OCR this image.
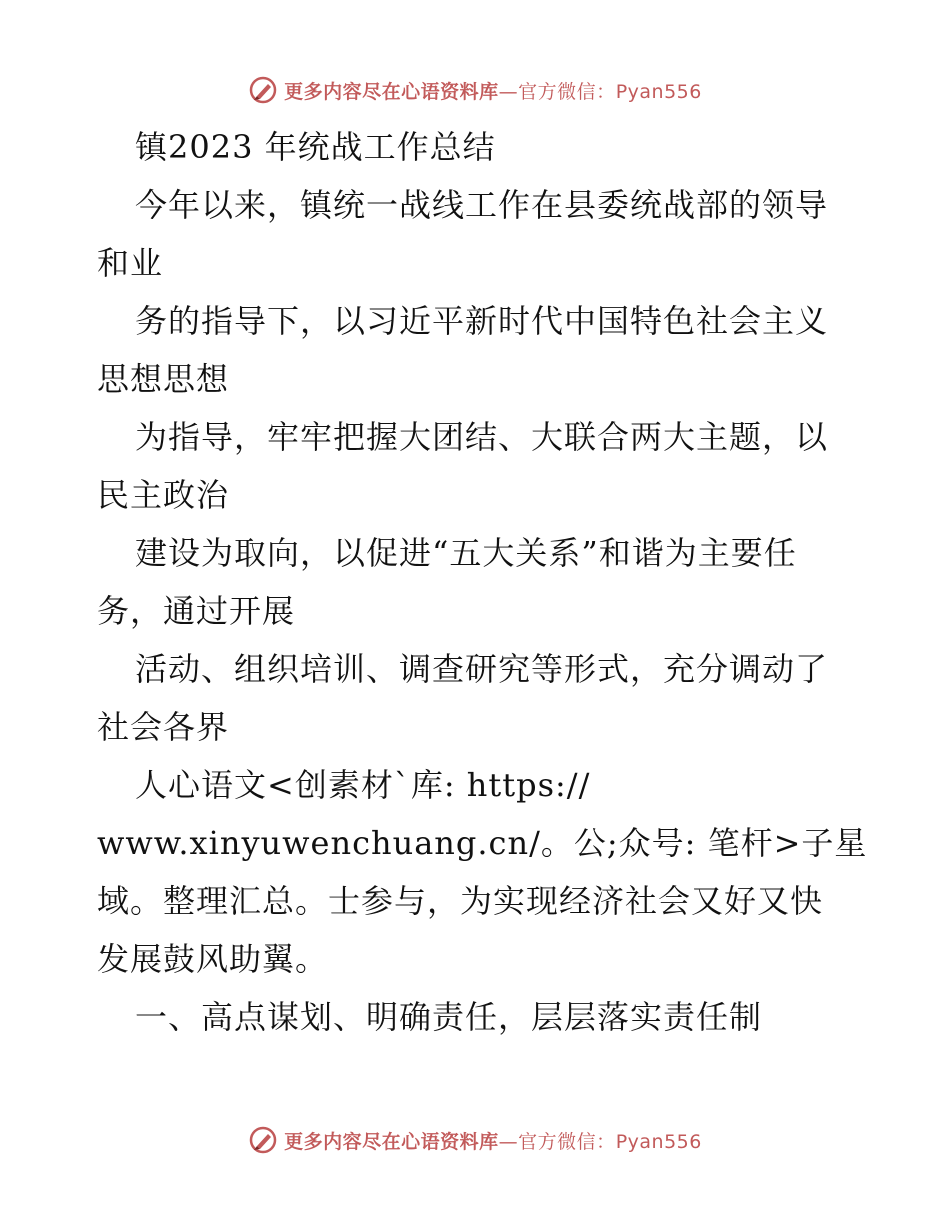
更多内容尽在心语资料库—官方微信：Pyan556
镇2023 年统战工作总结
今年以来，镇统一战线工作在县委统战部的领导
和业
务的指导下，以习近平新时代中国特色社会主义
思想思想
为指导，牢牢把握大团结、大联合两大主题，以
民主政治
建设为取向，以促进“五大关系”和谐为主要任
务，通过开展
活动、组织培训、调查研究等形式，充分调动了
社会各界
人心语文<创素材`库: https://
www.xinyuwenchuang.cn/。公;众号: 笔杆>子星
域。整理汇总。士参与，为实现经济社会又好又快
发展鼓风助翼。
一、高点谋划、明确责任，层层落实责任制
更多内容尽在心语资料库—官方微信：Pyan556
